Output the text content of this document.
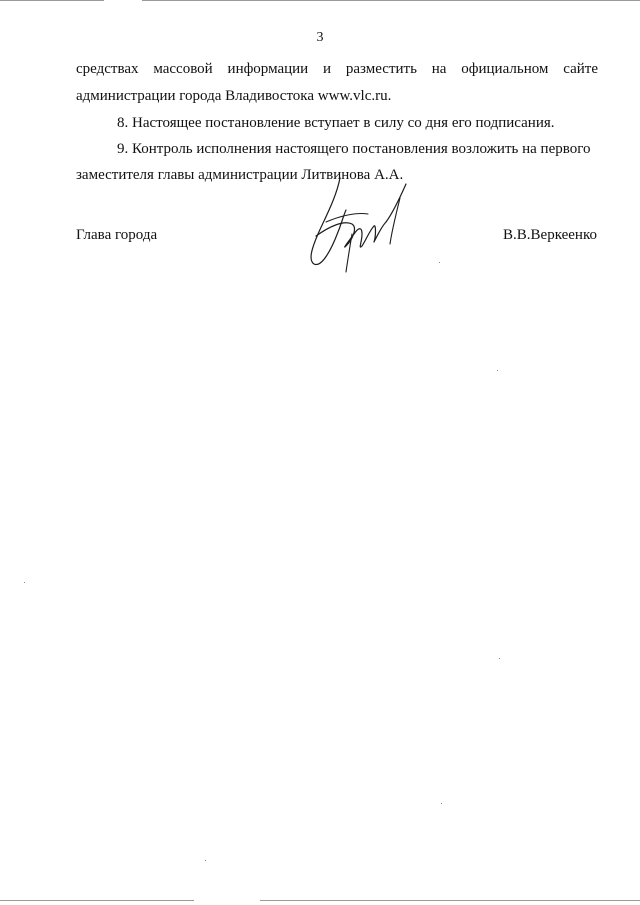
3
средствах массовой информации и разместить на официальном сайте
администрации города Владивостока www.vlc.ru.
8. Настоящее постановление вступает в силу со дня его подписания.
9. Контроль исполнения настоящего постановления возложить на первого
заместителя главы администрации Литвинова А.А.
Глава города	В.В.Веркеенко
